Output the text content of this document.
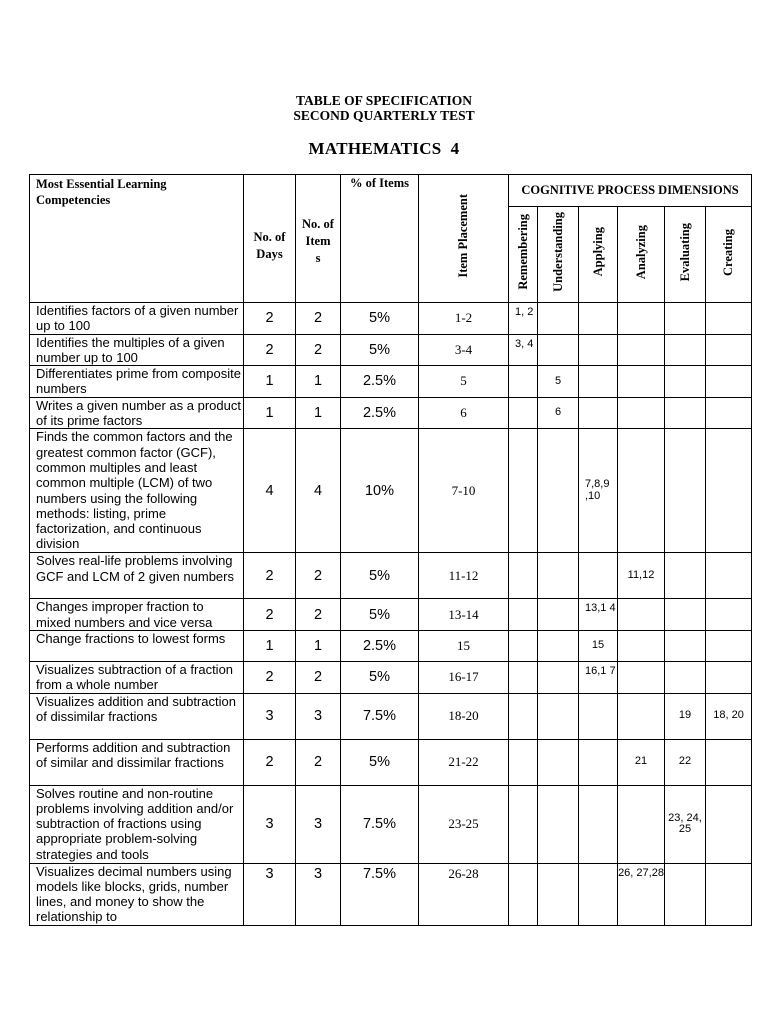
TABLE OF SPECIFICATION
SECOND QUARTERLY TEST
MATHEMATICS  4
Most Essential Learning Competencies	No. of Days	No. of Item s	% of Items	Item Placement	COGNITIVE PROCESS DIMENSIONS					
					Remembering	Understanding	Applying	Analyzing	Evaluating	Creating
Identifies factors of a given number up to 100	2	2	5%	1-2	1, 2					
Identifies the multiples of a given number up to 100	2	2	5%	3-4	3, 4					
Differentiates prime from composite numbers	1	1	2.5%	5		5				
Writes a given number as a product of its prime factors	1	1	2.5%	6		6				
Finds the common factors and the greatest common factor (GCF), common multiples and least common multiple (LCM) of two numbers using the following methods: listing, prime factorization, and continuous division	4	4	10%	7-10			7,8,9 ,10			
Solves real-life problems involving GCF and LCM of 2 given numbers	2	2	5%	11-12				11,12		
Changes improper fraction to mixed numbers and vice versa	2	2	5%	13-14			13,1 4			
Change fractions to lowest forms	1	1	2.5%	15			15			
Visualizes subtraction of a fraction from a whole number	2	2	5%	16-17			16,1 7			
Visualizes addition and subtraction of dissimilar fractions	3	3	7.5%	18-20					19	18, 20
Performs addition and subtraction of similar and dissimilar fractions	2	2	5%	21-22				21	22	
Solves routine and non-routine problems involving addition and/or subtraction of fractions using appropriate problem-solving strategies and tools	3	3	7.5%	23-25					23, 24, 25	
Visualizes decimal numbers using models like blocks, grids, number lines, and money to show the relationship to	3	3	7.5%	26-28				26, 27,28		
